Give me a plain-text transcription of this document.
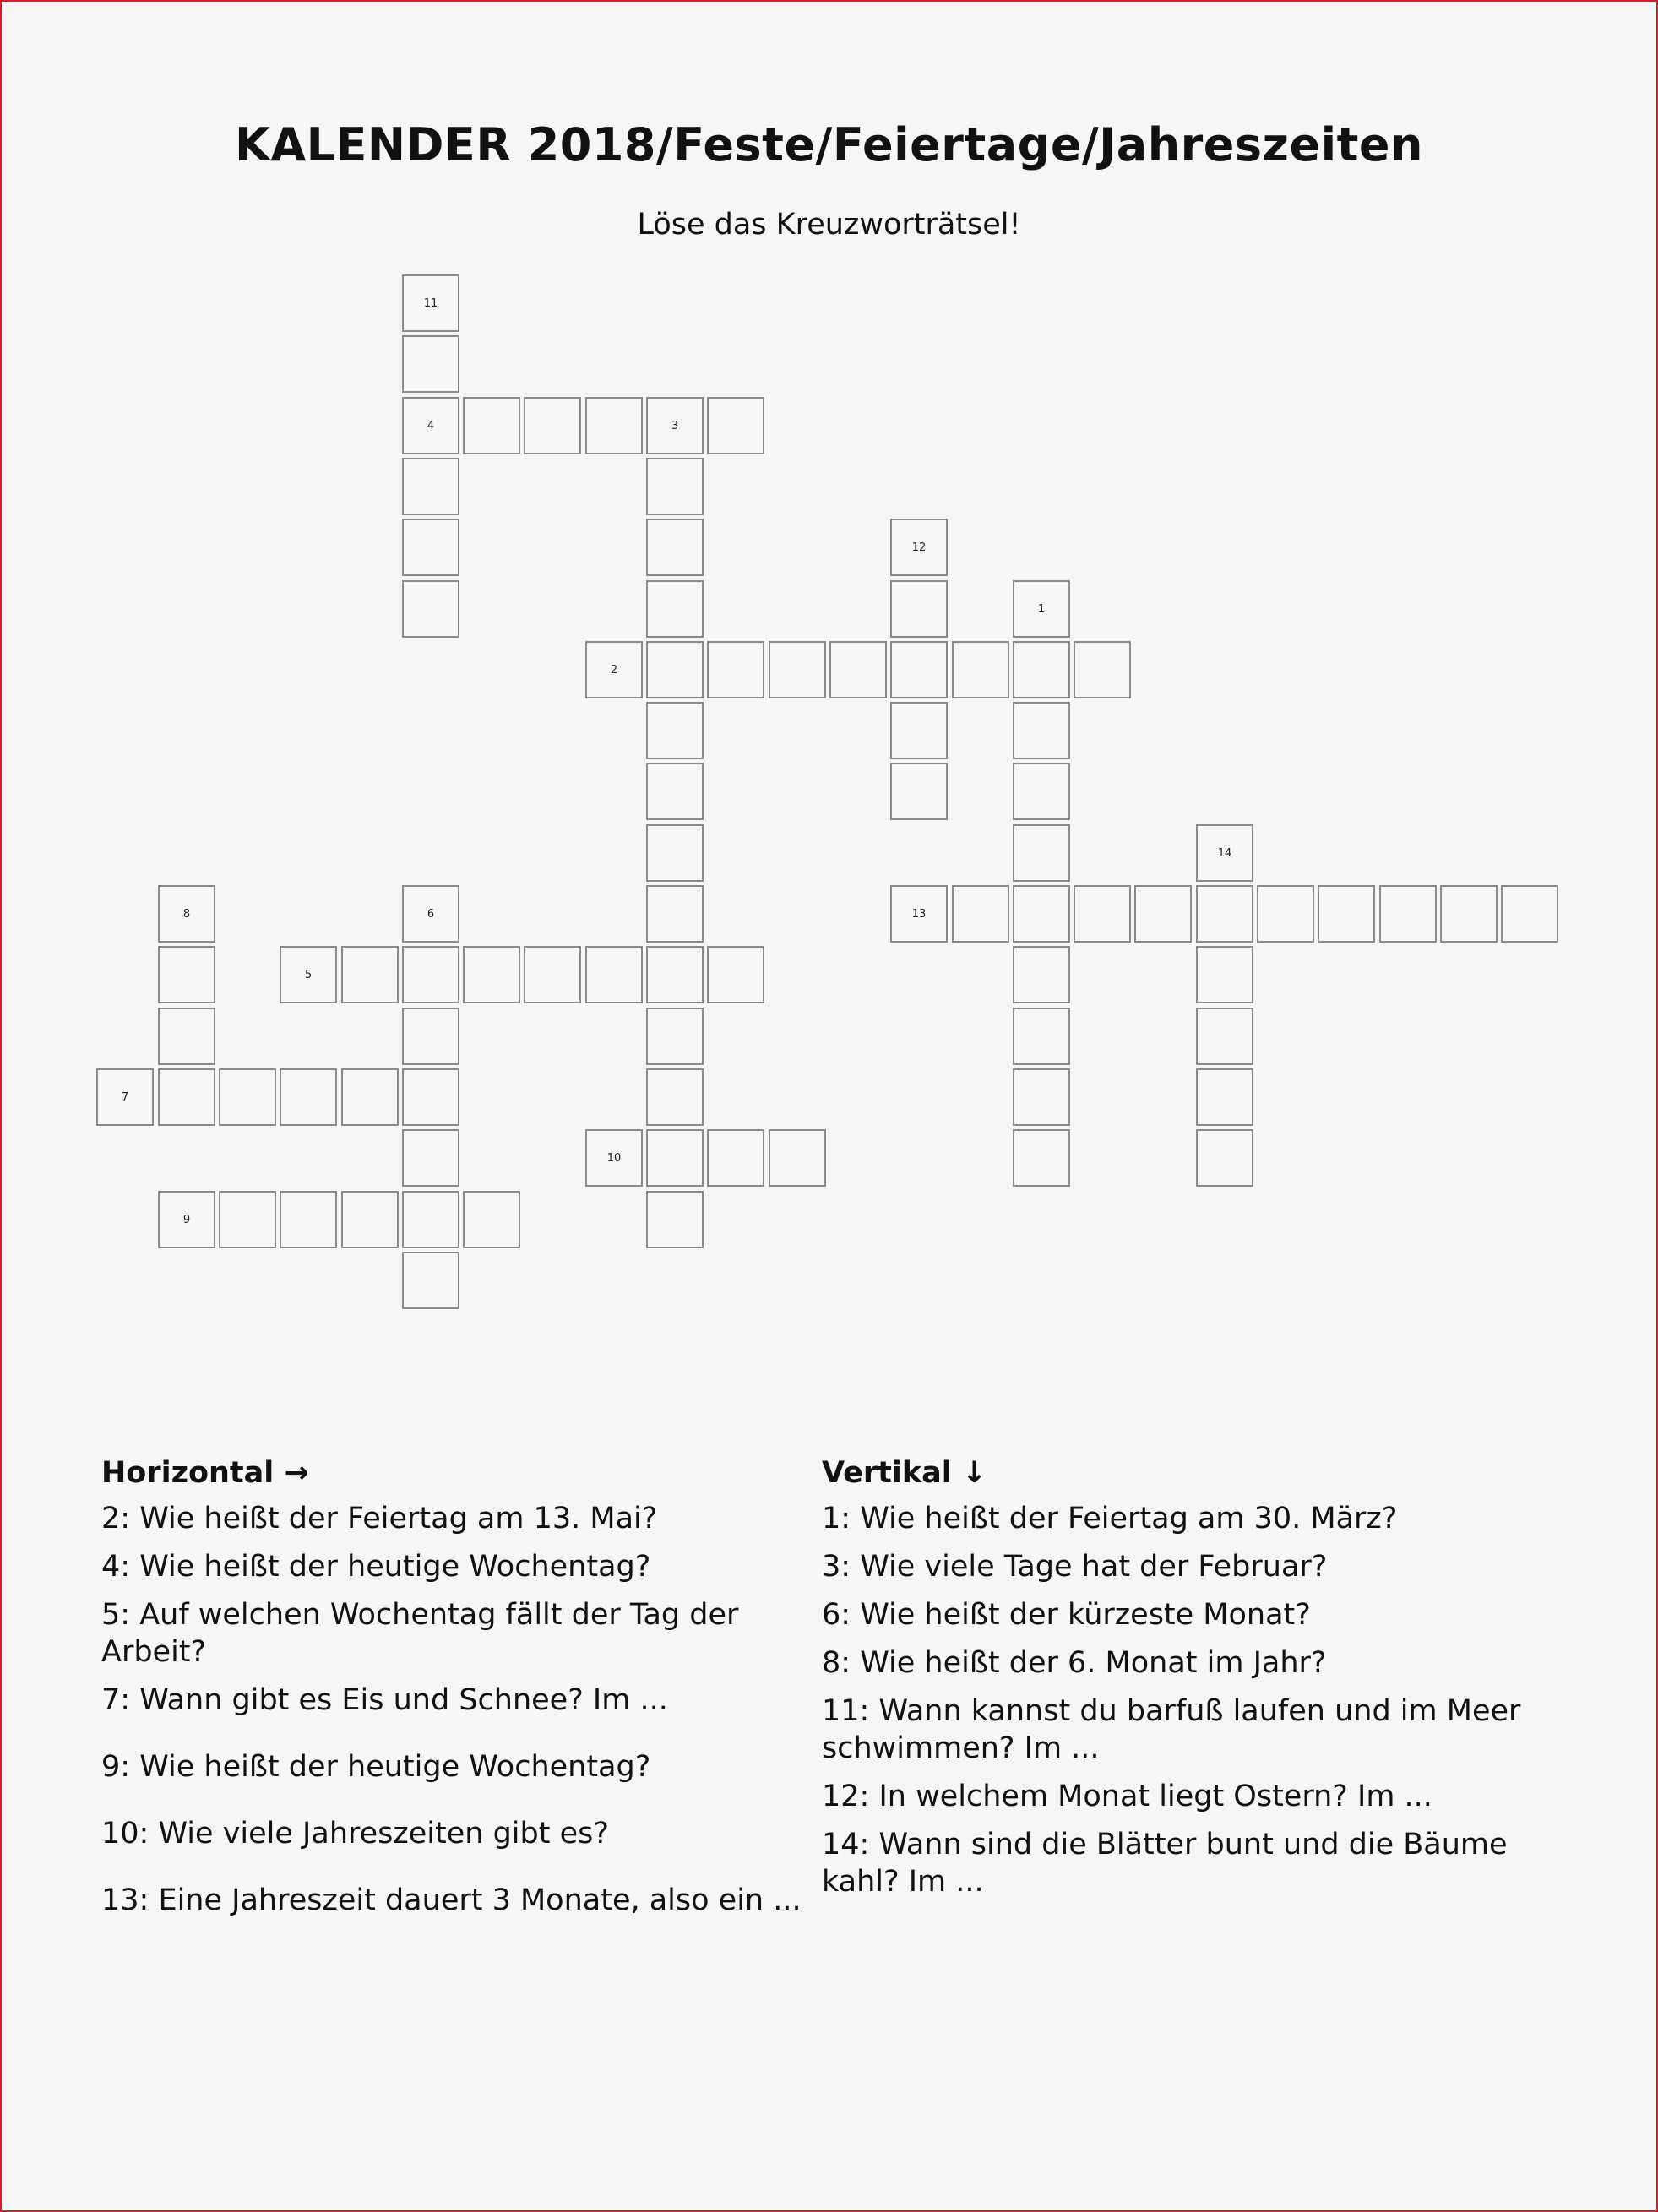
KALENDER 2018/Feste/Feiertage/Jahreszeiten
Löse das Kreuzworträtsel!
11
4	3
12
1
2
14
8	6	13
5
7
10
9
Horizontal →
2 : Wie heißt der Feiertag am 13. Mai?
4 : Wie heißt der heutige Wochentag?
5 : Auf welchen Wochentag fällt der Tag der Arbeit?
7 : Wann gibt es Eis und Schnee? Im ...
9 : Wie heißt der heutige Wochentag?
10 : Wie viele Jahreszeiten gibt es?
13 : Eine Jahreszeit dauert 3 Monate, also ein ...
Vertikal ↓
1 : Wie heißt der Feiertag am 30. März?
3 : Wie viele Tage hat der Februar?
6 : Wie heißt der kürzeste Monat?
8 : Wie heißt der 6. Monat im Jahr?
11 : Wann kannst du barfuß laufen und im Meer schwimmen? Im ...
12 : In welchem Monat liegt Ostern? Im ...
14 : Wann sind die Blätter bunt und die Bäume kahl? Im ...
